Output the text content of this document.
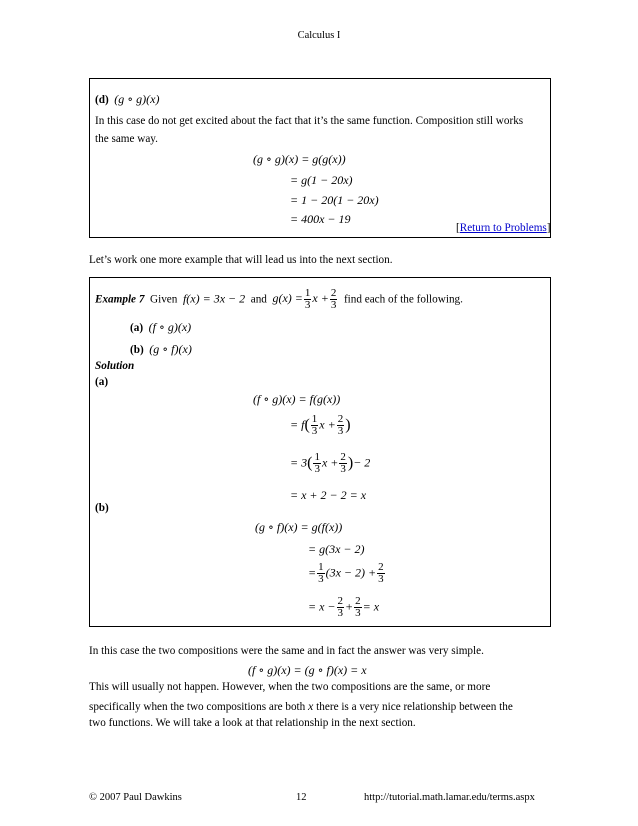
Calculus I
(d) (g ∘ g)(x)
In this case do not get excited about the fact that it’s the same function. Composition still works
the same way.
(g ∘ g)(x) = g(g(x))
= g(1 − 20x)
= 1 − 20(1 − 20x)
= 400x − 19
[Return to Problems]
Let’s work one more example that will lead us into the next section.
Example 7 Given f(x) = 3x − 2 and $g(x) = \frac{1}{3}$ $x + \frac{2}{3}$ find each of the following.
(a) (f ∘ g)(x)
(b) (g ∘ f)(x)
Solution
(a)
(f ∘ g)(x) = f(g(x))
= $f( \frac{1}{3}$ $x + \frac{2}{3}$ )
= $3( \frac{1}{3}$ $x + \frac{2}{3}$ )− 2
= x + 2 − 2 = x
(b)
(g ∘ f)(x) = g(f(x))
= g(3x − 2)
= $\frac{1}{3} (3x - 2) + \frac{2}{3}$
= $x - \frac{2}{3} + \frac{2}{3} = x$
In this case the two compositions were the same and in fact the answer was very simple.
(f ∘ g)(x) = (g ∘ f)(x) = x
This will usually not happen. However, when the two compositions are the same, or more
specifically when the two compositions are both x there is a very nice relationship between the
two functions. We will take a look at that relationship in the next section.
© 2007 Paul Dawkins	12	http://tutorial.math.lamar.edu/terms.aspx
